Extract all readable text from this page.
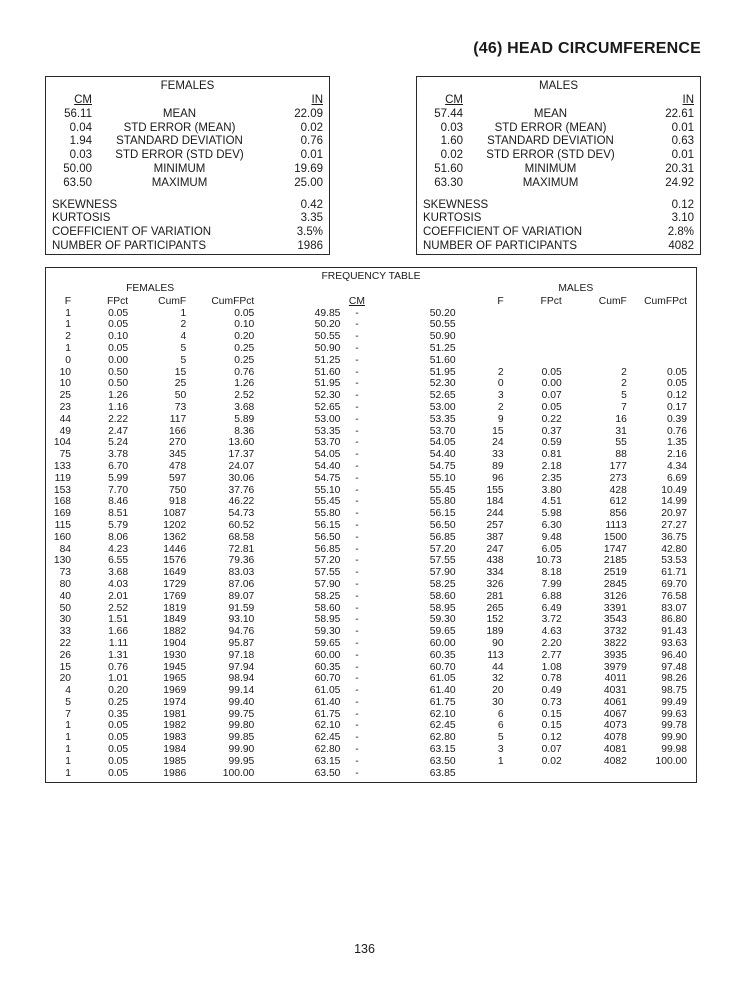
(46) HEAD CIRCUMFERENCE
FEMALES
CM		IN
56.11	MEAN	22.09
0.04	STD ERROR (MEAN)	0.02
1.94	STANDARD DEVIATION	0.76
0.03	STD ERROR (STD DEV)	0.01
50.00	MINIMUM	19.69
63.50	MAXIMUM	25.00

SKEWNESS		0.42
KURTOSIS		3.35
COEFFICIENT OF VARIATION		3.5%
NUMBER OF PARTICIPANTS		1986
MALES
CM		IN
57.44	MEAN	22.61
0.03	STD ERROR (MEAN)	0.01
1.60	STANDARD DEVIATION	0.63
0.02	STD ERROR (STD DEV)	0.01
51.60	MINIMUM	20.31
63.30	MAXIMUM	24.92

SKEWNESS		0.12
KURTOSIS		3.10
COEFFICIENT OF VARIATION		2.8%
NUMBER OF PARTICIPANTS		4082
FREQUENCY TABLE										
FEMALES							MALES			
F	FPct	CumF	CumFPct		CM		F	FPct	CumF	CumFPct
1	0.05	1	0.05	49.85	-	50.20				
1	0.05	2	0.10	50.20	-	50.55				
2	0.10	4	0.20	50.55	-	50.90				
1	0.05	5	0.25	50.90	-	51.25				
0	0.00	5	0.25	51.25	-	51.60				
10	0.50	15	0.76	51.60	-	51.95	2	0.05	2	0.05
10	0.50	25	1.26	51.95	-	52.30	0	0.00	2	0.05
25	1.26	50	2.52	52.30	-	52.65	3	0.07	5	0.12
23	1.16	73	3.68	52.65	-	53.00	2	0.05	7	0.17
44	2.22	117	5.89	53.00	-	53.35	9	0.22	16	0.39
49	2.47	166	8.36	53.35	-	53.70	15	0.37	31	0.76
104	5.24	270	13.60	53.70	-	54.05	24	0.59	55	1.35
75	3.78	345	17.37	54.05	-	54.40	33	0.81	88	2.16
133	6.70	478	24.07	54.40	-	54.75	89	2.18	177	4.34
119	5.99	597	30.06	54.75	-	55.10	96	2.35	273	6.69
153	7.70	750	37.76	55.10	-	55.45	155	3.80	428	10.49
168	8.46	918	46.22	55.45	-	55.80	184	4.51	612	14.99
169	8.51	1087	54.73	55.80	-	56.15	244	5.98	856	20.97
115	5.79	1202	60.52	56.15	-	56.50	257	6.30	1113	27.27
160	8.06	1362	68.58	56.50	-	56.85	387	9.48	1500	36.75
84	4.23	1446	72.81	56.85	-	57.20	247	6.05	1747	42.80
130	6.55	1576	79.36	57.20	-	57.55	438	10.73	2185	53.53
73	3.68	1649	83.03	57.55	-	57.90	334	8.18	2519	61.71
80	4.03	1729	87.06	57.90	-	58.25	326	7.99	2845	69.70
40	2.01	1769	89.07	58.25	-	58.60	281	6.88	3126	76.58
50	2.52	1819	91.59	58.60	-	58.95	265	6.49	3391	83.07
30	1.51	1849	93.10	58.95	-	59.30	152	3.72	3543	86.80
33	1.66	1882	94.76	59.30	-	59.65	189	4.63	3732	91.43
22	1.11	1904	95.87	59.65	-	60.00	90	2.20	3822	93.63
26	1.31	1930	97.18	60.00	-	60.35	113	2.77	3935	96.40
15	0.76	1945	97.94	60.35	-	60.70	44	1.08	3979	97.48
20	1.01	1965	98.94	60.70	-	61.05	32	0.78	4011	98.26
4	0.20	1969	99.14	61.05	-	61.40	20	0.49	4031	98.75
5	0.25	1974	99.40	61.40	-	61.75	30	0.73	4061	99.49
7	0.35	1981	99.75	61.75	-	62.10	6	0.15	4067	99.63
1	0.05	1982	99.80	62.10	-	62.45	6	0.15	4073	99.78
1	0.05	1983	99.85	62.45	-	62.80	5	0.12	4078	99.90
1	0.05	1984	99.90	62.80	-	63.15	3	0.07	4081	99.98
1	0.05	1985	99.95	63.15	-	63.50	1	0.02	4082	100.00
1	0.05	1986	100.00	63.50	-	63.85				
136
